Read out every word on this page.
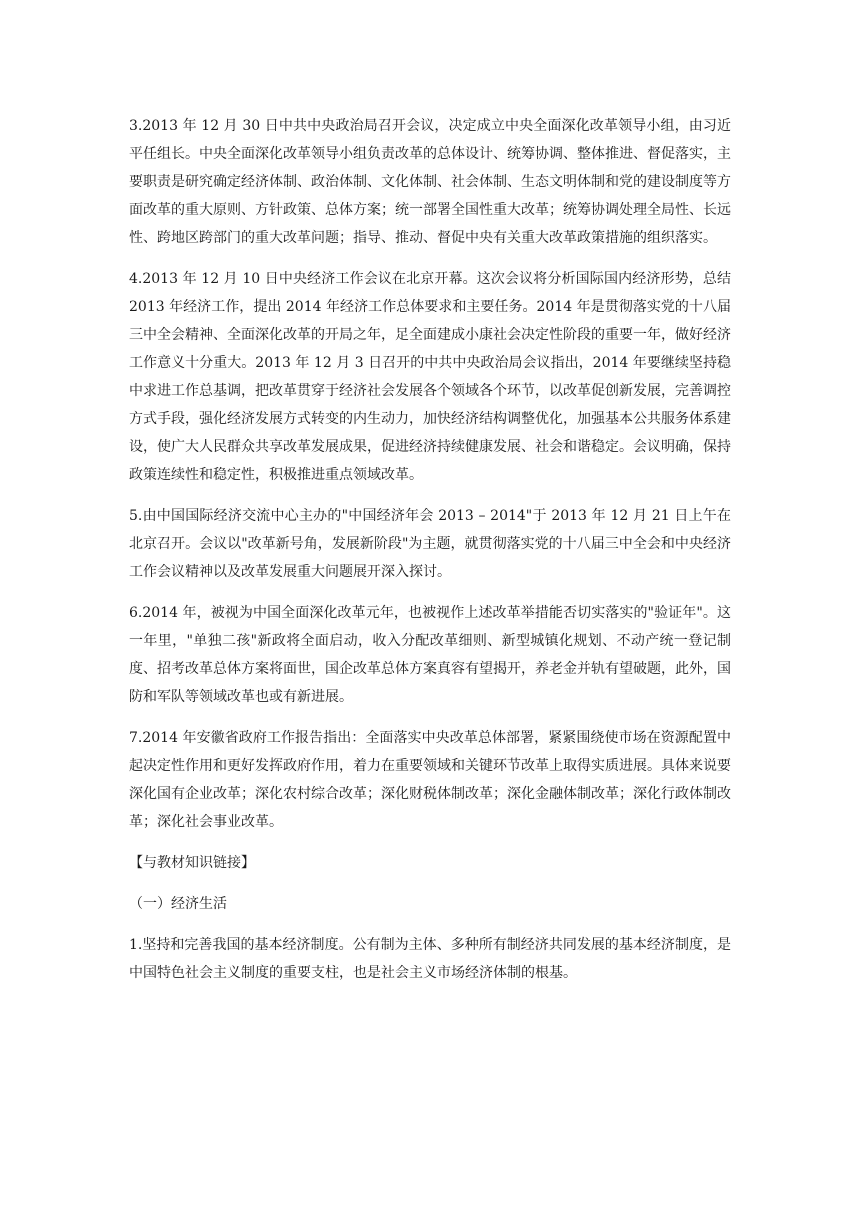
3.2013 年 12 月 30 日中共中央政治局召开会议，决定成立中央全面深化改革领导小组，由习近平任组长。中央全面深化改革领导小组负责改革的总体设计、统筹协调、整体推进、督促落实，主要职责是研究确定经济体制、政治体制、文化体制、社会体制、生态文明体制和党的建设制度等方面改革的重大原则、方针政策、总体方案；统一部署全国性重大改革；统筹协调处理全局性、长远性、跨地区跨部门的重大改革问题；指导、推动、督促中央有关重大改革政策措施的组织落实。

4.2013 年 12 月 10 日中央经济工作会议在北京开幕。这次会议将分析国际国内经济形势，总结 2013 年经济工作，提出 2014 年经济工作总体要求和主要任务。2014 年是贯彻落实党的十八届三中全会精神、全面深化改革的开局之年，足全面建成小康社会决定性阶段的重要一年，做好经济工作意义十分重大。2013 年 12 月 3 日召开的中共中央政治局会议指出，2014 年要继续坚持稳中求进工作总基调，把改革贯穿于经济社会发展各个领域各个环节，以改革促创新发展，完善调控方式手段，强化经济发展方式转变的内生动力，加快经济结构调整优化，加强基本公共服务体系建设，使广大人民群众共享改革发展成果，促进经济持续健康发展、社会和谐稳定。会议明确，保持政策连续性和稳定性，积极推进重点领域改革。

5.由中国国际经济交流中心主办的"中国经济年会 2013 – 2014"于 2013 年 12 月 21 日上午在北京召开。会议以"改革新号角，发展新阶段"为主题，就贯彻落实党的十八届三中全会和中央经济工作会议精神以及改革发展重大问题展开深入探讨。

6.2014 年，被视为中国全面深化改革元年，也被视作上述改革举措能否切实落实的"验证年"。这一年里，"单独二孩"新政将全面启动，收入分配改革细则、新型城镇化规划、不动产统一登记制度、招考改革总体方案将面世，国企改革总体方案真容有望揭开，养老金并轨有望破题，此外，国防和军队等领域改革也或有新进展。

7.2014 年安徽省政府工作报告指出：全面落实中央改革总体部署，紧紧围绕使市场在资源配置中起决定性作用和更好发挥政府作用，着力在重要领域和关键环节改革上取得实质进展。具体来说要深化国有企业改革；深化农村综合改革；深化财税体制改革；深化金融体制改革；深化行政体制改革；深化社会事业改革。

【与教材知识链接】

（一）经济生活

1.坚持和完善我国的基本经济制度。公有制为主体、多种所有制经济共同发展的基本经济制度，是中国特色社会主义制度的重要支柱，也是社会主义市场经济体制的根基。
